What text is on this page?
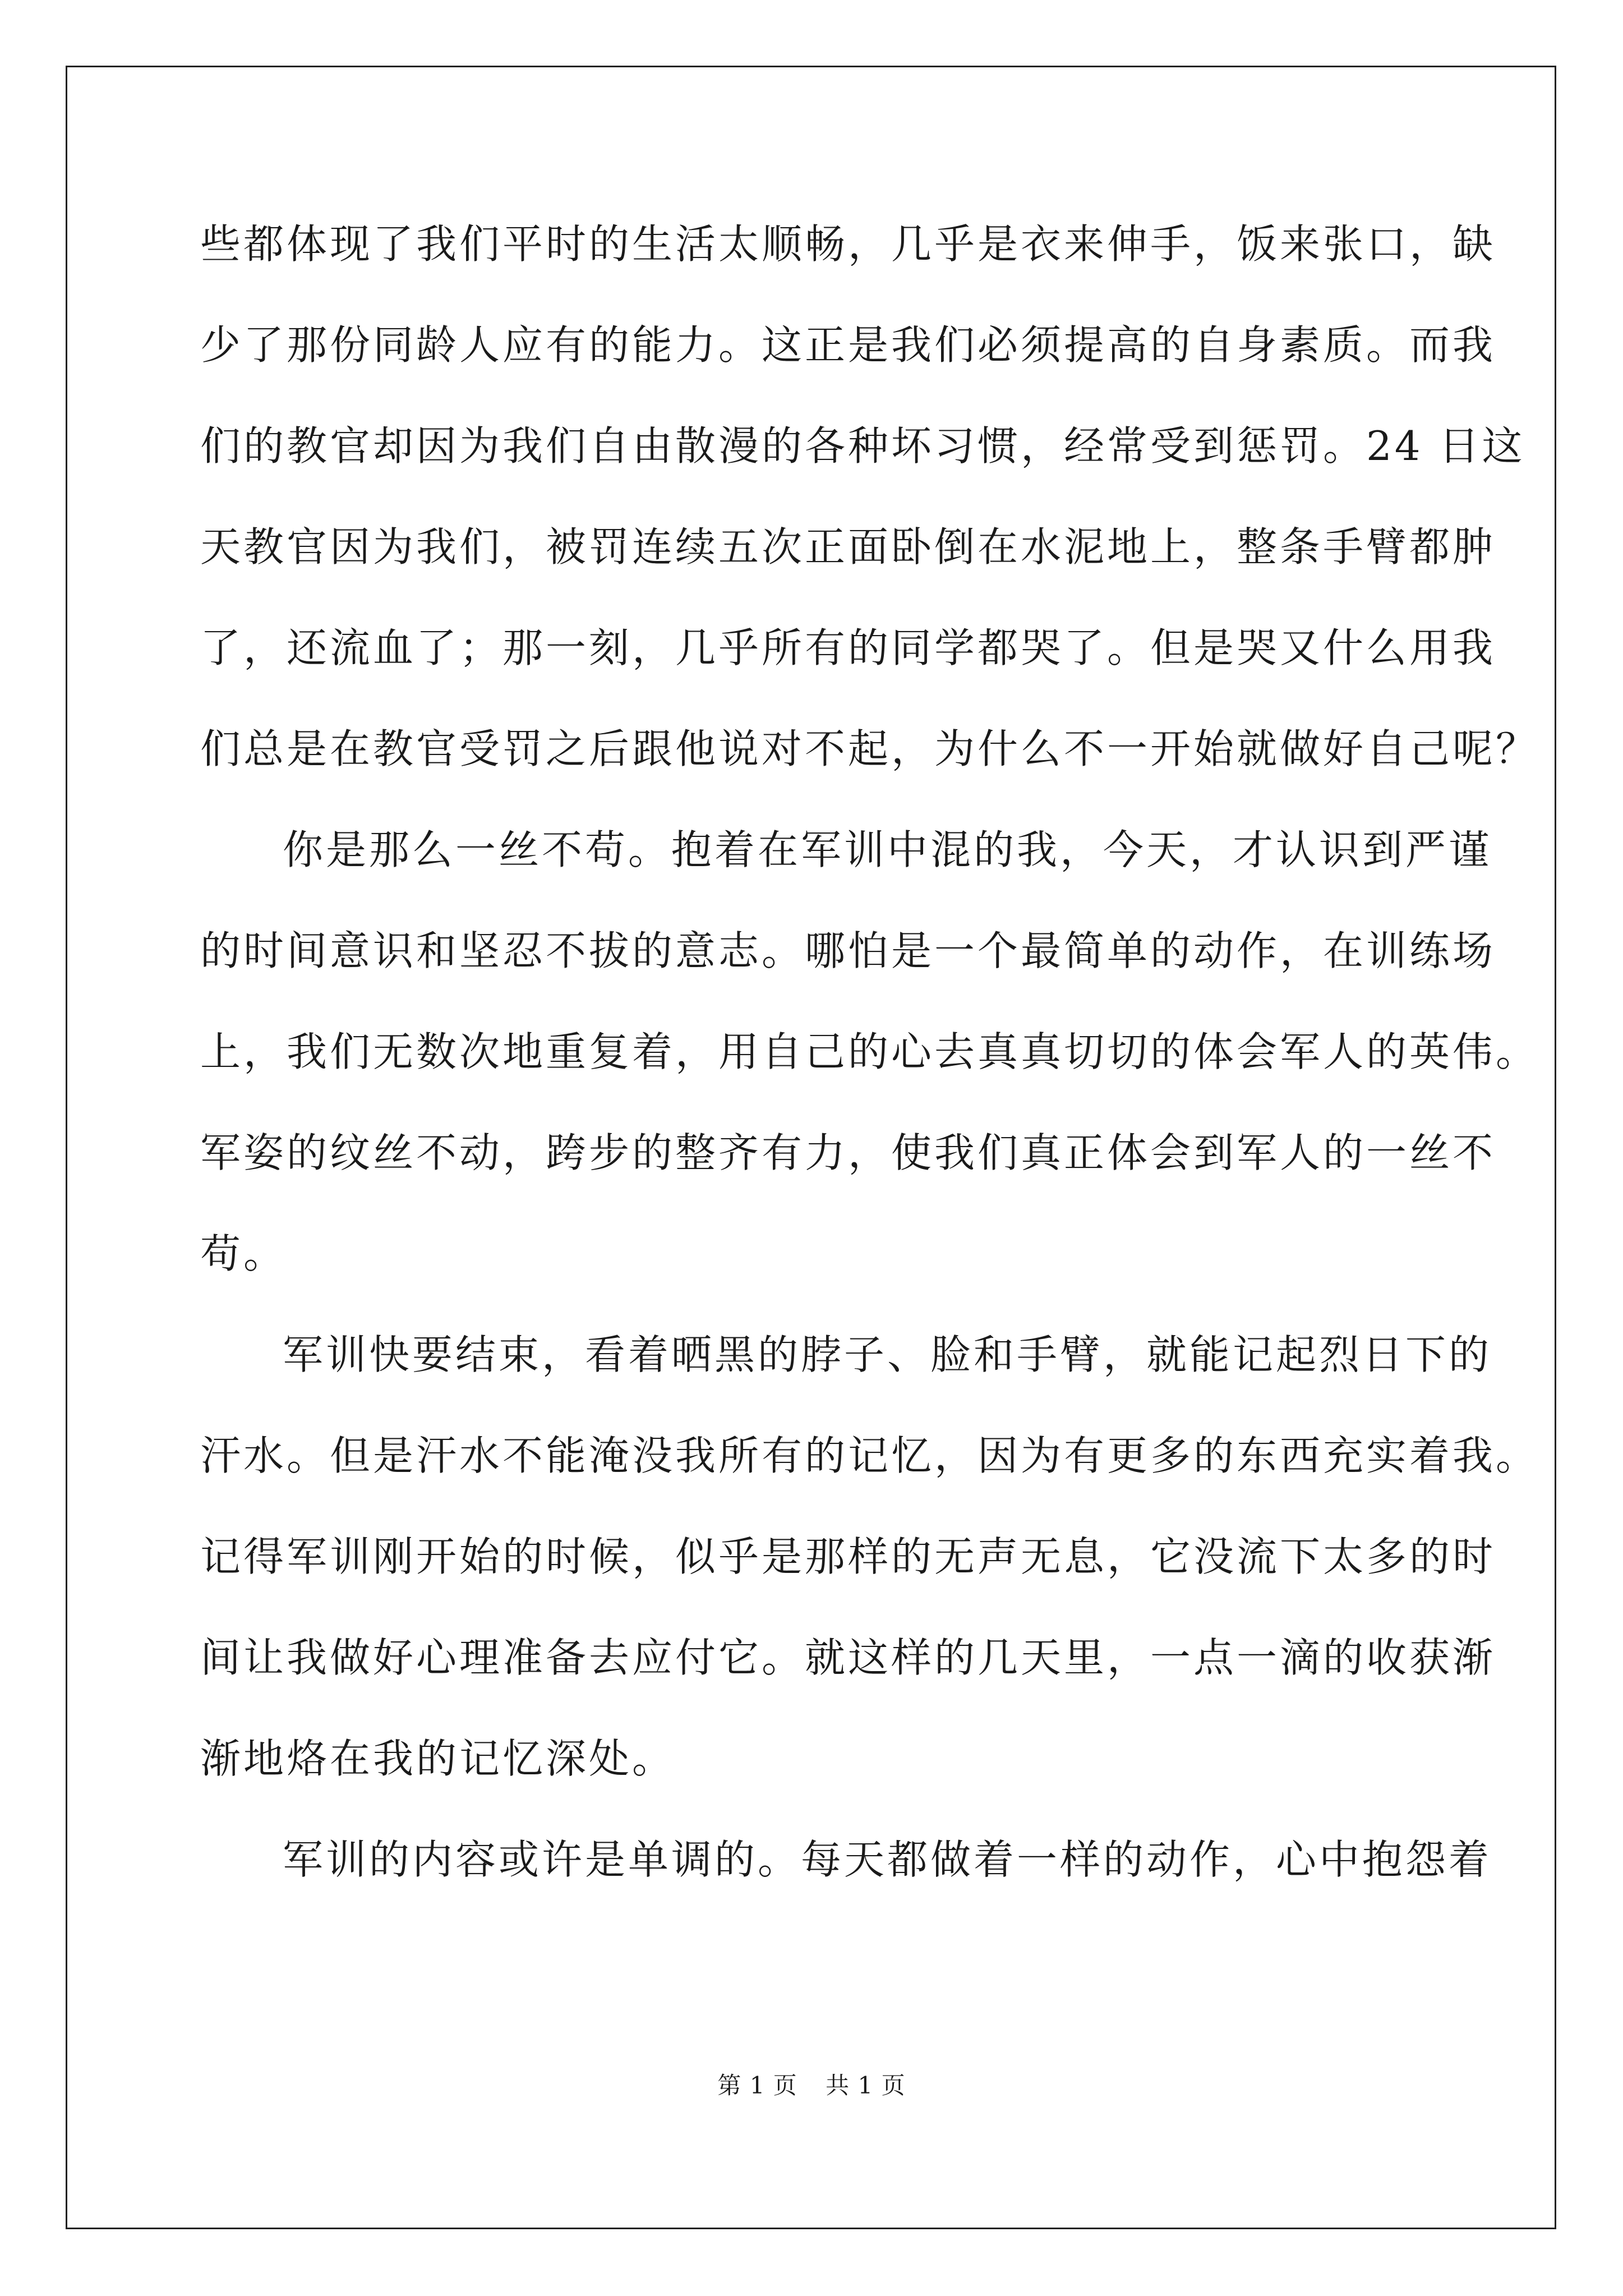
些都体现了我们平时的生活太顺畅，几乎是衣来伸手，饭来张口，缺
少了那份同龄人应有的能力。这正是我们必须提高的自身素质。而我
们的教官却因为我们自由散漫的各种坏习惯，经常受到惩罚。24 日这
天教官因为我们，被罚连续五次正面卧倒在水泥地上，整条手臂都肿
了，还流血了；那一刻，几乎所有的同学都哭了。但是哭又什么用我
们总是在教官受罚之后跟他说对不起，为什么不一开始就做好自己呢？
你是那么一丝不苟。抱着在军训中混的我，今天，才认识到严谨
的时间意识和坚忍不拔的意志。哪怕是一个最简单的动作，在训练场
上，我们无数次地重复着，用自己的心去真真切切的体会军人的英伟。
军姿的纹丝不动，跨步的整齐有力，使我们真正体会到军人的一丝不
苟。
军训快要结束，看着晒黑的脖子、脸和手臂，就能记起烈日下的
汗水。但是汗水不能淹没我所有的记忆，因为有更多的东西充实着我。
记得军训刚开始的时候，似乎是那样的无声无息，它没流下太多的时
间让我做好心理准备去应付它。就这样的几天里，一点一滴的收获渐
渐地烙在我的记忆深处。
军训的内容或许是单调的。每天都做着一样的动作，心中抱怨着
第 1 页 共 1 页
